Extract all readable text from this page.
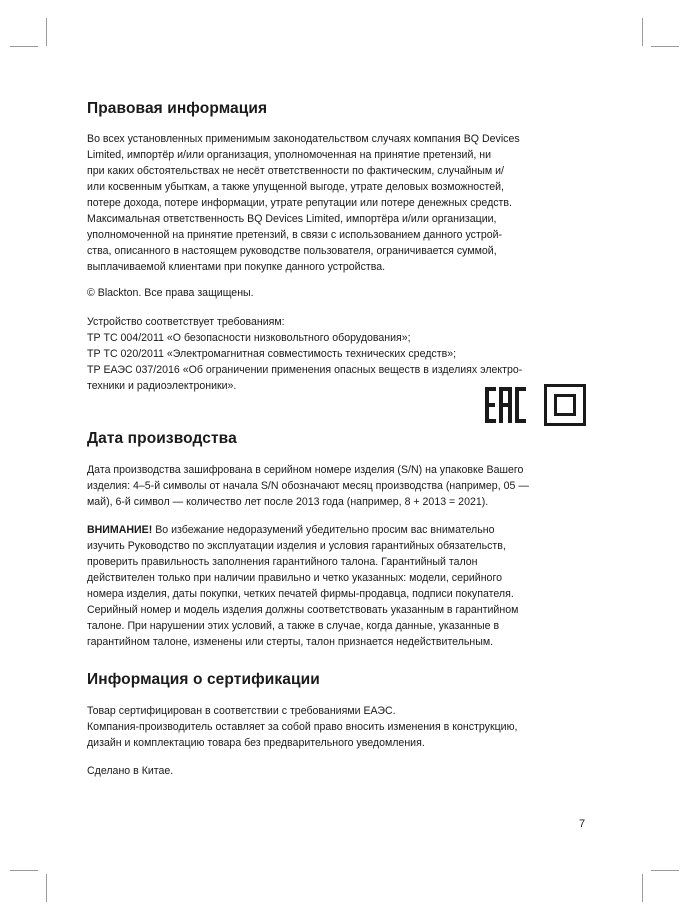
Правовая информация
Во всех установленных применимым законодательством случаях компания BQ Devices
Limited, импортёр и/или организация, уполномоченная на принятие претензий, ни
при каких обстоятельствах не несёт ответственности по фактическим, случайным и/
или косвенным убыткам, а также упущенной выгоде, утрате деловых возможностей,
потере дохода, потере информации, утрате репутации или потере денежных средств.
Максимальная ответственность BQ Devices Limited, импортёра и/или организации,
уполномоченной на принятие претензий, в связи с использованием данного устрой-
ства, описанного в настоящем руководстве пользователя, ограничивается суммой,
выплачиваемой клиентами при покупке данного устройства.
© Blackton. Все права защищены.
Устройство соответствует требованиям:
ТР ТС 004/2011 «О безопасности низковольтного оборудования»;
ТР ТС 020/2011 «Электромагнитная совместимость технических средств»;
ТР ЕАЭС 037/2016 «Об ограничении применения опасных веществ в изделиях электро-
техники и радиоэлектроники».
Дата производства
Дата производства зашифрована в серийном номере изделия (S/N) на упаковке Вашего
изделия: 4–5-й символы от начала S/N обозначают месяц производства (например, 05 —
май), 6-й символ — количество лет после 2013 года (например, 8 + 2013 = 2021).
ВНИМАНИЕ! Во избежание недоразумений убедительно просим вас внимательно
изучить Руководство по эксплуатации изделия и условия гарантийных обязательств,
проверить правильность заполнения гарантийного талона. Гарантийный талон
действителен только при наличии правильно и четко указанных: модели, серийного
номера изделия, даты покупки, четких печатей фирмы-продавца, подписи покупателя.
Серийный номер и модель изделия должны соответствовать указанным в гарантийном
талоне. При нарушении этих условий, а также в случае, когда данные, указанные в
гарантийном талоне, изменены или стерты, талон признается недействительным.
Информация о сертификации
Товар сертифицирован в соответствии с требованиями ЕАЭС.
Компания-производитель оставляет за собой право вносить изменения в конструкцию,
дизайн и комплектацию товара без предварительного уведомления.
Сделано в Китае.
7
